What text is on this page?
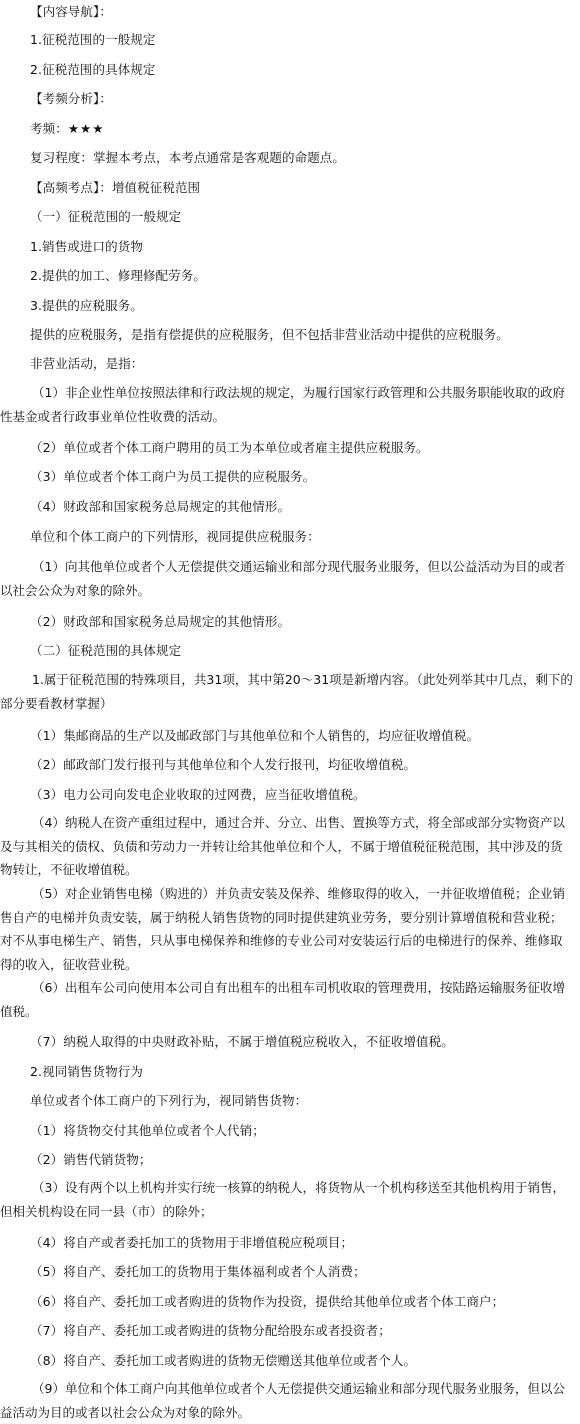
【内容导航】：
1.征税范围的一般规定
2.征税范围的具体规定
【考频分析】：
考频：★★★
复习程度：掌握本考点，本考点通常是客观题的命题点。
【高频考点】：增值税征税范围
（一）征税范围的一般规定
1.销售或进口的货物
2.提供的加工、修理修配劳务。
3.提供的应税服务。
提供的应税服务，是指有偿提供的应税服务，但不包括非营业活动中提供的应税服务。
非营业活动，是指：
（1）非企业性单位按照法律和行政法规的规定，为履行国家行政管理和公共服务职能收取的政府性基金或者行政事业单位性收费的活动。
（2）单位或者个体工商户聘用的员工为本单位或者雇主提供应税服务。
（3）单位或者个体工商户为员工提供的应税服务。
（4）财政部和国家税务总局规定的其他情形。
单位和个体工商户的下列情形，视同提供应税服务：
（1）向其他单位或者个人无偿提供交通运输业和部分现代服务业服务，但以公益活动为目的或者以社会公众为对象的除外。
（2）财政部和国家税务总局规定的其他情形。
（二）征税范围的具体规定
1.属于征税范围的特殊项目，共31项，其中第20～31项是新增内容。（此处列举其中几点，剩下的部分要看教材掌握）
（1）集邮商品的生产以及邮政部门与其他单位和个人销售的，均应征收增值税。
（2）邮政部门发行报刊与其他单位和个人发行报刊，均征收增值税。
（3）电力公司向发电企业收取的过网费，应当征收增值税。
（4）纳税人在资产重组过程中，通过合并、分立、出售、置换等方式，将全部或部分实物资产以及与其相关的债权、负债和劳动力一并转让给其他单位和个人，不属于增值税征税范围，其中涉及的货物转让，不征收增值税。
（5）对企业销售电梯（购进的）并负责安装及保养、维修取得的收入，一并征收增值税；企业销售自产的电梯并负责安装，属于纳税人销售货物的同时提供建筑业劳务，要分别计算增值税和营业税；对不从事电梯生产、销售，只从事电梯保养和维修的专业公司对安装运行后的电梯进行的保养、维修取得的收入，征收营业税。
（6）出租车公司向使用本公司自有出租车的出租车司机收取的管理费用，按陆路运输服务征收增值税。
（7）纳税人取得的中央财政补贴，不属于增值税应税收入，不征收增值税。
2.视同销售货物行为
单位或者个体工商户的下列行为，视同销售货物：
（1）将货物交付其他单位或者个人代销；
（2）销售代销货物；
（3）设有两个以上机构并实行统一核算的纳税人，将货物从一个机构移送至其他机构用于销售，但相关机构设在同一县（市）的除外；
（4）将自产或者委托加工的货物用于非增值税应税项目；
（5）将自产、委托加工的货物用于集体福利或者个人消费；
（6）将自产、委托加工或者购进的货物作为投资，提供给其他单位或者个体工商户；
（7）将自产、委托加工或者购进的货物分配给股东或者投资者；
（8）将自产、委托加工或者购进的货物无偿赠送其他单位或者个人。
（9）单位和个体工商户向其他单位或者个人无偿提供交通运输业和部分现代服务业服务，但以公益活动为目的或者以社会公众为对象的除外。
